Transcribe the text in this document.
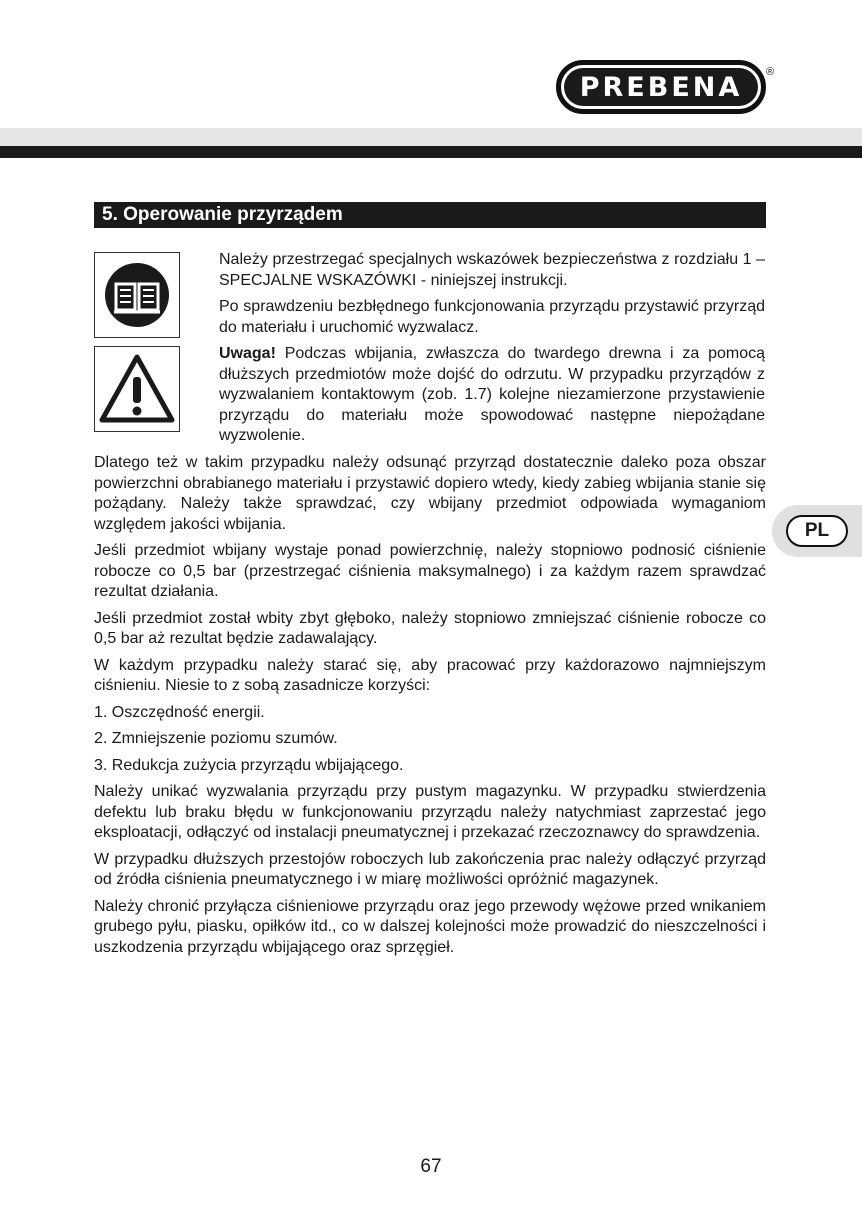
PREBENA ®
5. Operowanie przyrządem

Należy przestrzegać specjalnych wskazówek bezpieczeństwa z rozdziału 1 – SPECJALNE WSKAZÓWKI - niniejszej instrukcji.

Po sprawdzeniu bezbłędnego funkcjonowania przyrządu przystawić przyrząd do materiału i uruchomić wyzwalacz.

Uwaga! Podczas wbijania, zwłaszcza do twardego drewna i za pomocą dłuższych przedmiotów może dojść do odrzutu. W przypadku przyrządów z wyzwalaniem kontaktowym (zob. 1.7) kolejne niezamierzone przystawienie przyrządu do materiału może spowodować następne niepożądane wyzwolenie.

Dlatego też w takim przypadku należy odsunąć przyrząd dostatecznie daleko poza obszar powierzchni obrabianego materiału i przystawić dopiero wtedy, kiedy zabieg wbijania stanie się pożądany. Należy także sprawdzać, czy wbijany przedmiot odpowiada wymaganiom względem jakości wbijania.

Jeśli przedmiot wbijany wystaje ponad powierzchnię, należy stopniowo podnosić ciśnienie robocze co 0,5 bar (przestrzegać ciśnienia maksymalnego) i za każdym razem sprawdzać rezultat działania.

Jeśli przedmiot został wbity zbyt głęboko, należy stopniowo zmniejszać ciśnienie robocze co 0,5 bar aż rezultat będzie zadawalający.

W każdym przypadku należy starać się, aby pracować przy każdorazowo najmniejszym ciśnieniu. Niesie to z sobą zasadnicze korzyści:

1. Oszczędność energii.

2. Zmniejszenie poziomu szumów.

3. Redukcja zużycia przyrządu wbijającego.

Należy unikać wyzwalania przyrządu przy pustym magazynku. W przypadku stwierdzenia defektu lub braku błędu w funkcjonowaniu przyrządu należy natychmiast zaprzestać jego eksploatacji, odłączyć od instalacji pneumatycznej i przekazać rzeczoznawcy do sprawdzenia.

W przypadku dłuższych przestojów roboczych lub zakończenia prac należy odłączyć przyrząd od źródła ciśnienia pneumatycznego i w miarę możliwości opróżnić magazynek.

Należy chronić przyłącza ciśnieniowe przyrządu oraz jego przewody wężowe przed wnikaniem grubego pyłu, piasku, opiłków itd., co w dalszej kolejności może prowadzić do nieszczelności i uszkodzenia przyrządu wbijającego oraz sprzęgieł.

PL
67
